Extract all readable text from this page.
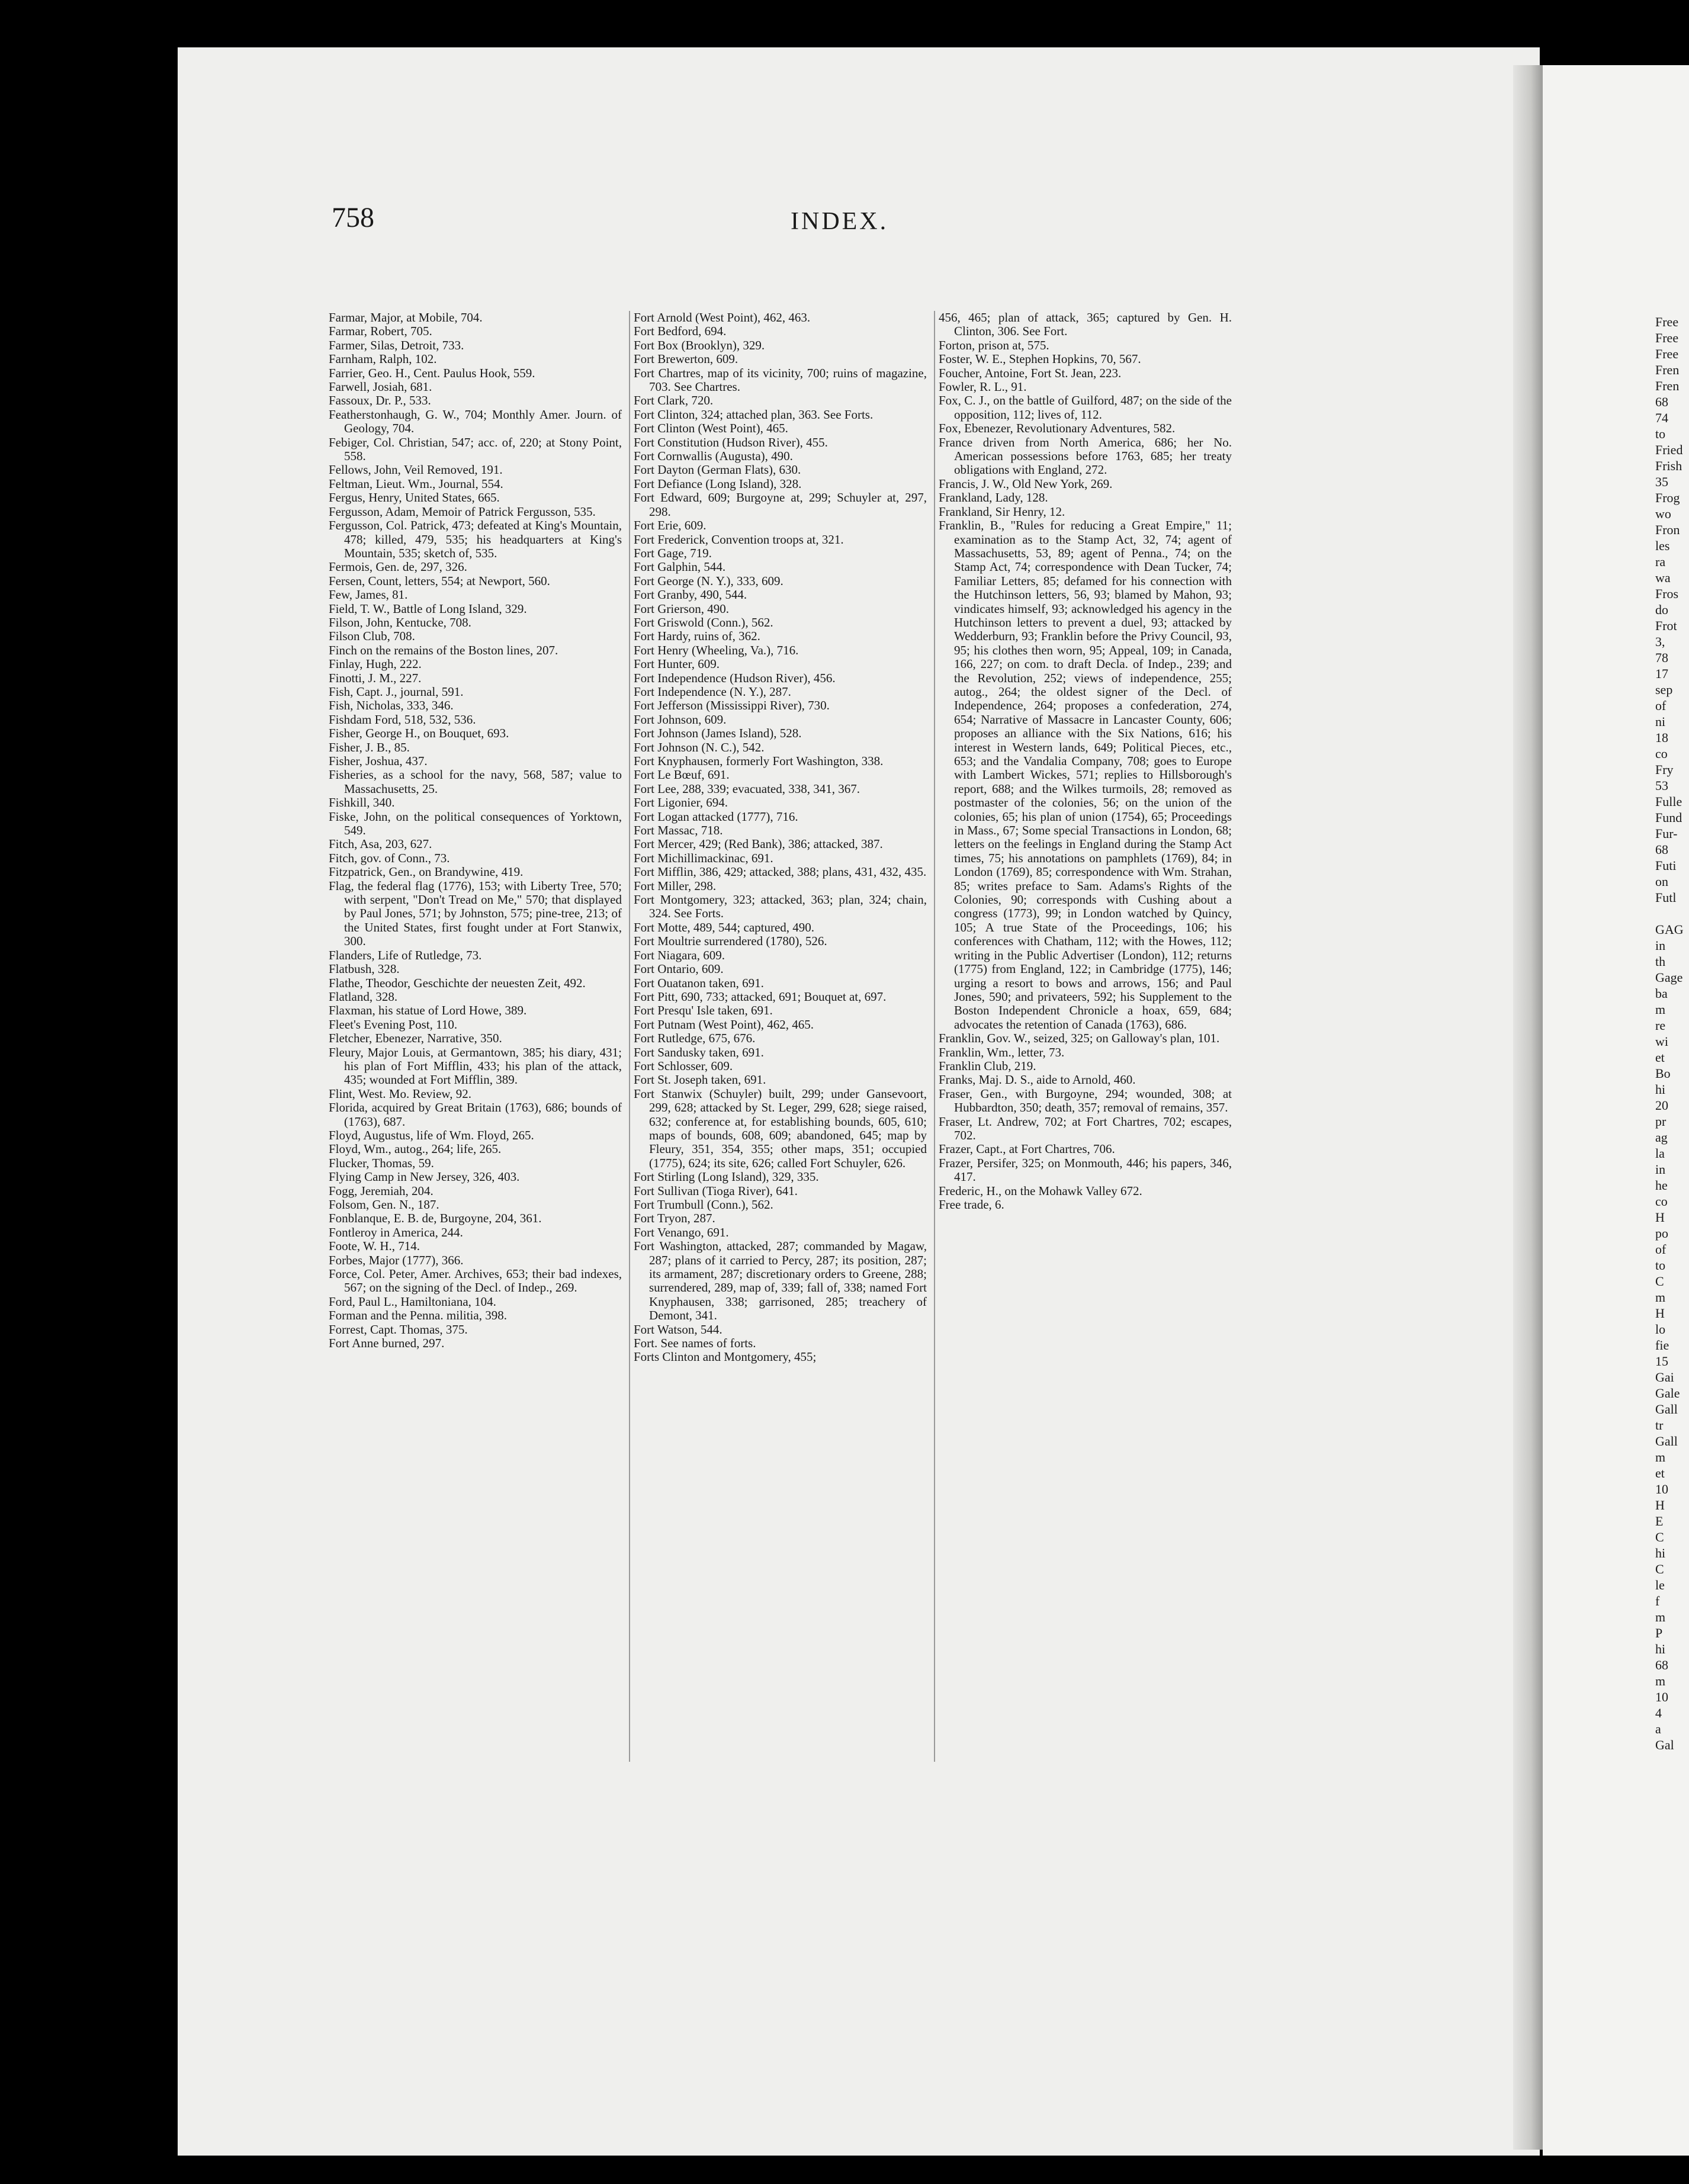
Free
Free
Free
Fren
Fren
68
74
to
Fried
Frish
35
Frog
wo
Fron
les
ra
wa
Fros
do
Frot
3,
78
17
sep
of
ni
18
co
Fry
53
Fulle
Fund
Fur-
68
Futi
on
Futl

GAG
in
th
Gage
ba
m
re
wi
et
Bo
hi
20
pr
ag
la
in
he
co
H
po
of
to
C
m
H
lo
fie
15
Gai
Gale
Gall
tr
Gall
m
et
10
H
E
C
hi
C
le
f
m
P
hi
68
m
10
4
a
Gal
758	INDEX.
Farmar, Major, at Mobile, 704.
Farmar, Robert, 705.
Farmer, Silas, Detroit, 733.
Farnham, Ralph, 102.
Farrier, Geo. H., Cent. Paulus Hook, 559.
Farwell, Josiah, 681.
Fassoux, Dr. P., 533.
Featherstonhaugh, G. W., 704; Monthly Amer. Journ. of Geology, 704.
Febiger, Col. Christian, 547; acc. of, 220; at Stony Point, 558.
Fellows, John, Veil Removed, 191.
Feltman, Lieut. Wm., Journal, 554.
Fergus, Henry, United States, 665.
Fergusson, Adam, Memoir of Patrick Fergusson, 535.
Fergusson, Col. Patrick, 473; defeated at King's Mountain, 478; killed, 479, 535; his headquarters at King's Mountain, 535; sketch of, 535.
Fermois, Gen. de, 297, 326.
Fersen, Count, letters, 554; at Newport, 560.
Few, James, 81.
Field, T. W., Battle of Long Island, 329.
Filson, John, Kentucke, 708.
Filson Club, 708.
Finch on the remains of the Boston lines, 207.
Finlay, Hugh, 222.
Finotti, J. M., 227.
Fish, Capt. J., journal, 591.
Fish, Nicholas, 333, 346.
Fishdam Ford, 518, 532, 536.
Fisher, George H., on Bouquet, 693.
Fisher, J. B., 85.
Fisher, Joshua, 437.
Fisheries, as a school for the navy, 568, 587; value to Massachusetts, 25.
Fishkill, 340.
Fiske, John, on the political consequences of Yorktown, 549.
Fitch, Asa, 203, 627.
Fitch, gov. of Conn., 73.
Fitzpatrick, Gen., on Brandywine, 419.
Flag, the federal flag (1776), 153; with Liberty Tree, 570; with serpent, "Don't Tread on Me," 570; that displayed by Paul Jones, 571; by Johnston, 575; pine-tree, 213; of the United States, first fought under at Fort Stanwix, 300.
Flanders, Life of Rutledge, 73.
Flatbush, 328.
Flathe, Theodor, Geschichte der neuesten Zeit, 492.
Flatland, 328.
Flaxman, his statue of Lord Howe, 389.
Fleet's Evening Post, 110.
Fletcher, Ebenezer, Narrative, 350.
Fleury, Major Louis, at Germantown, 385; his diary, 431; his plan of Fort Mifflin, 433; his plan of the attack, 435; wounded at Fort Mifflin, 389.
Flint, West. Mo. Review, 92.
Florida, acquired by Great Britain (1763), 686; bounds of (1763), 687.
Floyd, Augustus, life of Wm. Floyd, 265.
Floyd, Wm., autog., 264; life, 265.
Flucker, Thomas, 59.
Flying Camp in New Jersey, 326, 403.
Fogg, Jeremiah, 204.
Folsom, Gen. N., 187.
Fonblanque, E. B. de, Burgoyne, 204, 361.
Fontleroy in America, 244.
Foote, W. H., 714.
Forbes, Major (1777), 366.
Force, Col. Peter, Amer. Archives, 653; their bad indexes, 567; on the signing of the Decl. of Indep., 269.
Ford, Paul L., Hamiltoniana, 104.
Forman and the Penna. militia, 398.
Forrest, Capt. Thomas, 375.
Fort Anne burned, 297.
Fort Arnold (West Point), 462, 463.
Fort Bedford, 694.
Fort Box (Brooklyn), 329.
Fort Brewerton, 609.
Fort Chartres, map of its vicinity, 700; ruins of magazine, 703. See Chartres.
Fort Clark, 720.
Fort Clinton, 324; attached plan, 363. See Forts.
Fort Clinton (West Point), 465.
Fort Constitution (Hudson River), 455.
Fort Cornwallis (Augusta), 490.
Fort Dayton (German Flats), 630.
Fort Defiance (Long Island), 328.
Fort Edward, 609; Burgoyne at, 299; Schuyler at, 297, 298.
Fort Erie, 609.
Fort Frederick, Convention troops at, 321.
Fort Gage, 719.
Fort Galphin, 544.
Fort George (N. Y.), 333, 609.
Fort Granby, 490, 544.
Fort Grierson, 490.
Fort Griswold (Conn.), 562.
Fort Hardy, ruins of, 362.
Fort Henry (Wheeling, Va.), 716.
Fort Hunter, 609.
Fort Independence (Hudson River), 456.
Fort Independence (N. Y.), 287.
Fort Jefferson (Mississippi River), 730.
Fort Johnson, 609.
Fort Johnson (James Island), 528.
Fort Johnson (N. C.), 542.
Fort Knyphausen, formerly Fort Washington, 338.
Fort Le Bœuf, 691.
Fort Lee, 288, 339; evacuated, 338, 341, 367.
Fort Ligonier, 694.
Fort Logan attacked (1777), 716.
Fort Massac, 718.
Fort Mercer, 429; (Red Bank), 386; attacked, 387.
Fort Michillimackinac, 691.
Fort Mifflin, 386, 429; attacked, 388; plans, 431, 432, 435.
Fort Miller, 298.
Fort Montgomery, 323; attacked, 363; plan, 324; chain, 324. See Forts.
Fort Motte, 489, 544; captured, 490.
Fort Moultrie surrendered (1780), 526.
Fort Niagara, 609.
Fort Ontario, 609.
Fort Ouatanon taken, 691.
Fort Pitt, 690, 733; attacked, 691; Bouquet at, 697.
Fort Presqu' Isle taken, 691.
Fort Putnam (West Point), 462, 465.
Fort Rutledge, 675, 676.
Fort Sandusky taken, 691.
Fort Schlosser, 609.
Fort St. Joseph taken, 691.
Fort Stanwix (Schuyler) built, 299; under Gansevoort, 299, 628; attacked by St. Leger, 299, 628; siege raised, 632; conference at, for establishing bounds, 605, 610; maps of bounds, 608, 609; abandoned, 645; map by Fleury, 351, 354, 355; other maps, 351; occupied (1775), 624; its site, 626; called Fort Schuyler, 626.
Fort Stirling (Long Island), 329, 335.
Fort Sullivan (Tioga River), 641.
Fort Trumbull (Conn.), 562.
Fort Tryon, 287.
Fort Venango, 691.
Fort Washington, attacked, 287; commanded by Magaw, 287; plans of it carried to Percy, 287; its position, 287; its armament, 287; discretionary orders to Greene, 288; surrendered, 289, map of, 339; fall of, 338; named Fort Knyphausen, 338; garrisoned, 285; treachery of Demont, 341.
Fort Watson, 544.
Fort. See names of forts.
Forts Clinton and Montgomery, 455;
456, 465; plan of attack, 365; captured by Gen. H. Clinton, 306. See Fort.
Forton, prison at, 575.
Foster, W. E., Stephen Hopkins, 70, 567.
Foucher, Antoine, Fort St. Jean, 223.
Fowler, R. L., 91.
Fox, C. J., on the battle of Guilford, 487; on the side of the opposition, 112; lives of, 112.
Fox, Ebenezer, Revolutionary Adventures, 582.
France driven from North America, 686; her No. American possessions before 1763, 685; her treaty obligations with England, 272.
Francis, J. W., Old New York, 269.
Frankland, Lady, 128.
Frankland, Sir Henry, 12.
Franklin, B., "Rules for reducing a Great Empire," 11; examination as to the Stamp Act, 32, 74; agent of Massachusetts, 53, 89; agent of Penna., 74; on the Stamp Act, 74; correspondence with Dean Tucker, 74; Familiar Letters, 85; defamed for his connection with the Hutchinson letters, 56, 93; blamed by Mahon, 93; vindicates himself, 93; acknowledged his agency in the Hutchinson letters to prevent a duel, 93; attacked by Wedderburn, 93; Franklin before the Privy Council, 93, 95; his clothes then worn, 95; Appeal, 109; in Canada, 166, 227; on com. to draft Decla. of Indep., 239; and the Revolution, 252; views of independence, 255; autog., 264; the oldest signer of the Decl. of Independence, 264; proposes a confederation, 274, 654; Narrative of Massacre in Lancaster County, 606; proposes an alliance with the Six Nations, 616; his interest in Western lands, 649; Political Pieces, etc., 653; and the Vandalia Company, 708; goes to Europe with Lambert Wickes, 571; replies to Hillsborough's report, 688; and the Wilkes turmoils, 28; removed as postmaster of the colonies, 56; on the union of the colonies, 65; his plan of union (1754), 65; Proceedings in Mass., 67; Some special Transactions in London, 68; letters on the feelings in England during the Stamp Act times, 75; his annotations on pamphlets (1769), 84; in London (1769), 85; correspondence with Wm. Strahan, 85; writes preface to Sam. Adams's Rights of the Colonies, 90; corresponds with Cushing about a congress (1773), 99; in London watched by Quincy, 105; A true State of the Proceedings, 106; his conferences with Chatham, 112; with the Howes, 112; writing in the Public Advertiser (London), 112; returns (1775) from England, 122; in Cambridge (1775), 146; urging a resort to bows and arrows, 156; and Paul Jones, 590; and privateers, 592; his Supplement to the Boston Independent Chronicle a hoax, 659, 684; advocates the retention of Canada (1763), 686.
Franklin, Gov. W., seized, 325; on Galloway's plan, 101.
Franklin, Wm., letter, 73.
Franklin Club, 219.
Franks, Maj. D. S., aide to Arnold, 460.
Fraser, Gen., with Burgoyne, 294; wounded, 308; at Hubbardton, 350; death, 357; removal of remains, 357.
Fraser, Lt. Andrew, 702; at Fort Chartres, 702; escapes, 702.
Frazer, Capt., at Fort Chartres, 706.
Frazer, Persifer, 325; on Monmouth, 446; his papers, 346, 417.
Frederic, H., on the Mohawk Valley 672.
Free trade, 6.
